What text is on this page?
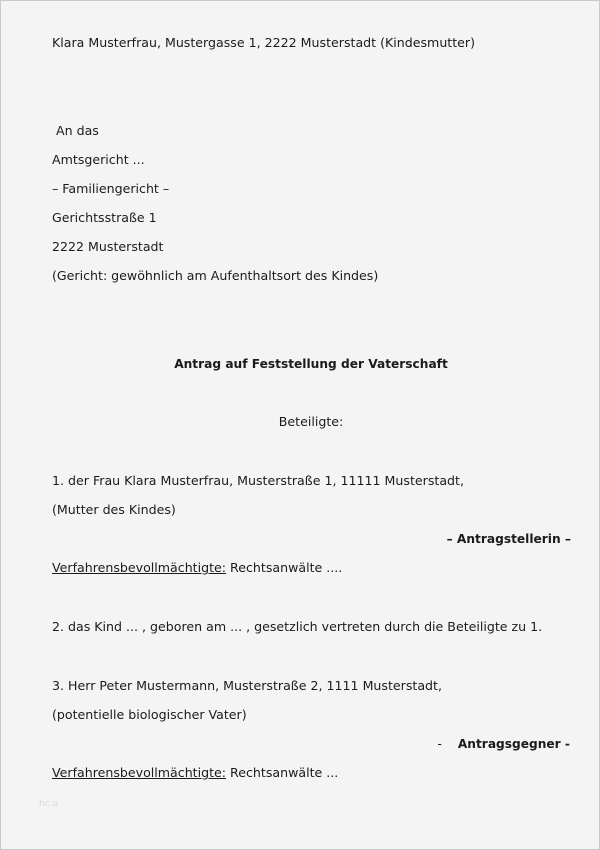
Klara Musterfrau, Mustergasse 1, 2222 Musterstadt (Kindesmutter)
An das
Amtsgericht ...
– Familiengericht –
Gerichtsstraße 1
2222 Musterstadt
(Gericht: gewöhnlich am Aufenthaltsort des Kindes)
Antrag auf Feststellung der Vaterschaft
Beteiligte:
1. der Frau Klara Musterfrau, Musterstraße 1, 11111 Musterstadt,
(Mutter des Kindes)
– Antragstellerin –
Verfahrensbevollmächtigte: Rechtsanwälte ....
2. das Kind ... , geboren am ... , gesetzlich vertreten durch die Beteiligte zu 1.
3. Herr Peter Mustermann, Musterstraße 2, 1111 Musterstadt,
(potentielle biologischer Vater)
- Antragsgegner -
Verfahrensbevollmächtigte: Rechtsanwälte ...
hc.o
